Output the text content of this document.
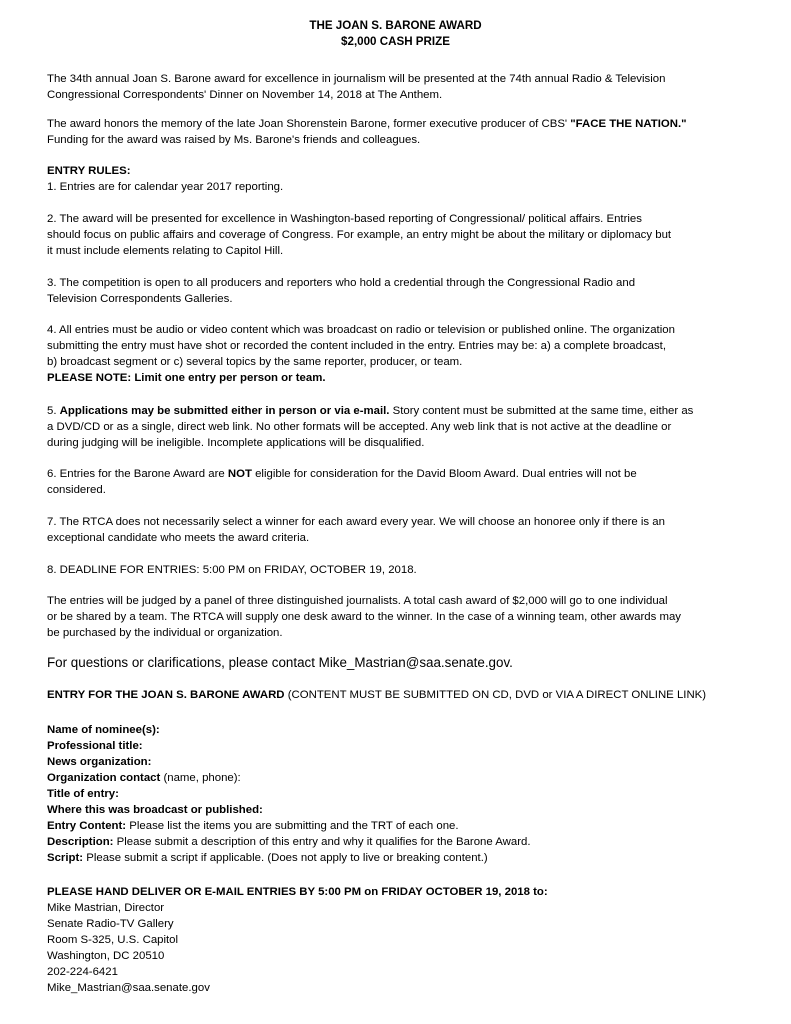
THE JOAN S. BARONE AWARD
$2,000 CASH PRIZE
The 34th annual Joan S. Barone award for excellence in journalism will be presented at the 74th annual Radio & Television
Congressional Correspondents' Dinner on November 14, 2018 at The Anthem.
The award honors the memory of the late Joan Shorenstein Barone, former executive producer of CBS' "FACE THE NATION."
Funding for the award was raised by Ms. Barone's friends and colleagues.
ENTRY RULES:
1. Entries are for calendar year 2017 reporting.
2. The award will be presented for excellence in Washington-based reporting of Congressional/ political affairs. Entries
should focus on public affairs and coverage of Congress. For example, an entry might be about the military or diplomacy but
it must include elements relating to Capitol Hill.
3. The competition is open to all producers and reporters who hold a credential through the Congressional Radio and
Television Correspondents Galleries.
4. All entries must be audio or video content which was broadcast on radio or television or published online. The organization
submitting the entry must have shot or recorded the content included in the entry. Entries may be: a) a complete broadcast,
b) broadcast segment or c) several topics by the same reporter, producer, or team.
PLEASE NOTE: Limit one entry per person or team.
5. Applications may be submitted either in person or via e-mail. Story content must be submitted at the same time, either as
a DVD/CD or as a single, direct web link. No other formats will be accepted. Any web link that is not active at the deadline or
during judging will be ineligible. Incomplete applications will be disqualified.
6. Entries for the Barone Award are NOT eligible for consideration for the David Bloom Award. Dual entries will not be
considered.
7. The RTCA does not necessarily select a winner for each award every year. We will choose an honoree only if there is an
exceptional candidate who meets the award criteria.
8. DEADLINE FOR ENTRIES: 5:00 PM on FRIDAY, OCTOBER 19, 2018.
The entries will be judged by a panel of three distinguished journalists. A total cash award of $2,000 will go to one individual
or be shared by a team. The RTCA will supply one desk award to the winner. In the case of a winning team, other awards may
be purchased by the individual or organization.
For questions or clarifications, please contact Mike_Mastrian@saa.senate.gov.
ENTRY FOR THE JOAN S. BARONE AWARD (CONTENT MUST BE SUBMITTED ON CD, DVD or VIA A DIRECT ONLINE LINK)
Name of nominee(s):
Professional title:
News organization:
Organization contact (name, phone):
Title of entry:
Where this was broadcast or published:
Entry Content: Please list the items you are submitting and the TRT of each one.
Description: Please submit a description of this entry and why it qualifies for the Barone Award.
Script: Please submit a script if applicable. (Does not apply to live or breaking content.)
PLEASE HAND DELIVER OR E-MAIL ENTRIES BY 5:00 PM on FRIDAY OCTOBER 19, 2018 to:
Mike Mastrian, Director
Senate Radio-TV Gallery
Room S-325, U.S. Capitol
Washington, DC 20510
202-224-6421
Mike_Mastrian@saa.senate.gov
